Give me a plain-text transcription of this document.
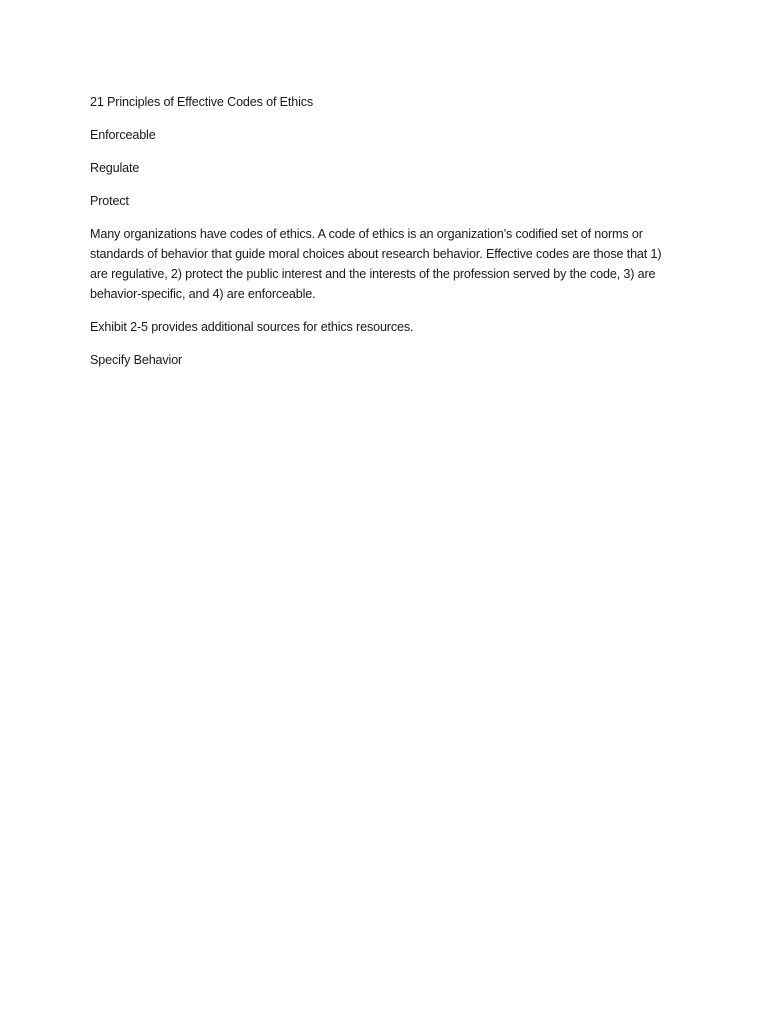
21 Principles of Effective Codes of Ethics

Enforceable

Regulate

Protect

Many organizations have codes of ethics. A code of ethics is an organization’s codified set of norms or standards of behavior that guide moral choices about research behavior. Effective codes are those that 1) are regulative, 2) protect the public interest and the interests of the profession served by the code, 3) are behavior-specific, and 4) are enforceable.

Exhibit 2-5 provides additional sources for ethics resources.

Specify Behavior
